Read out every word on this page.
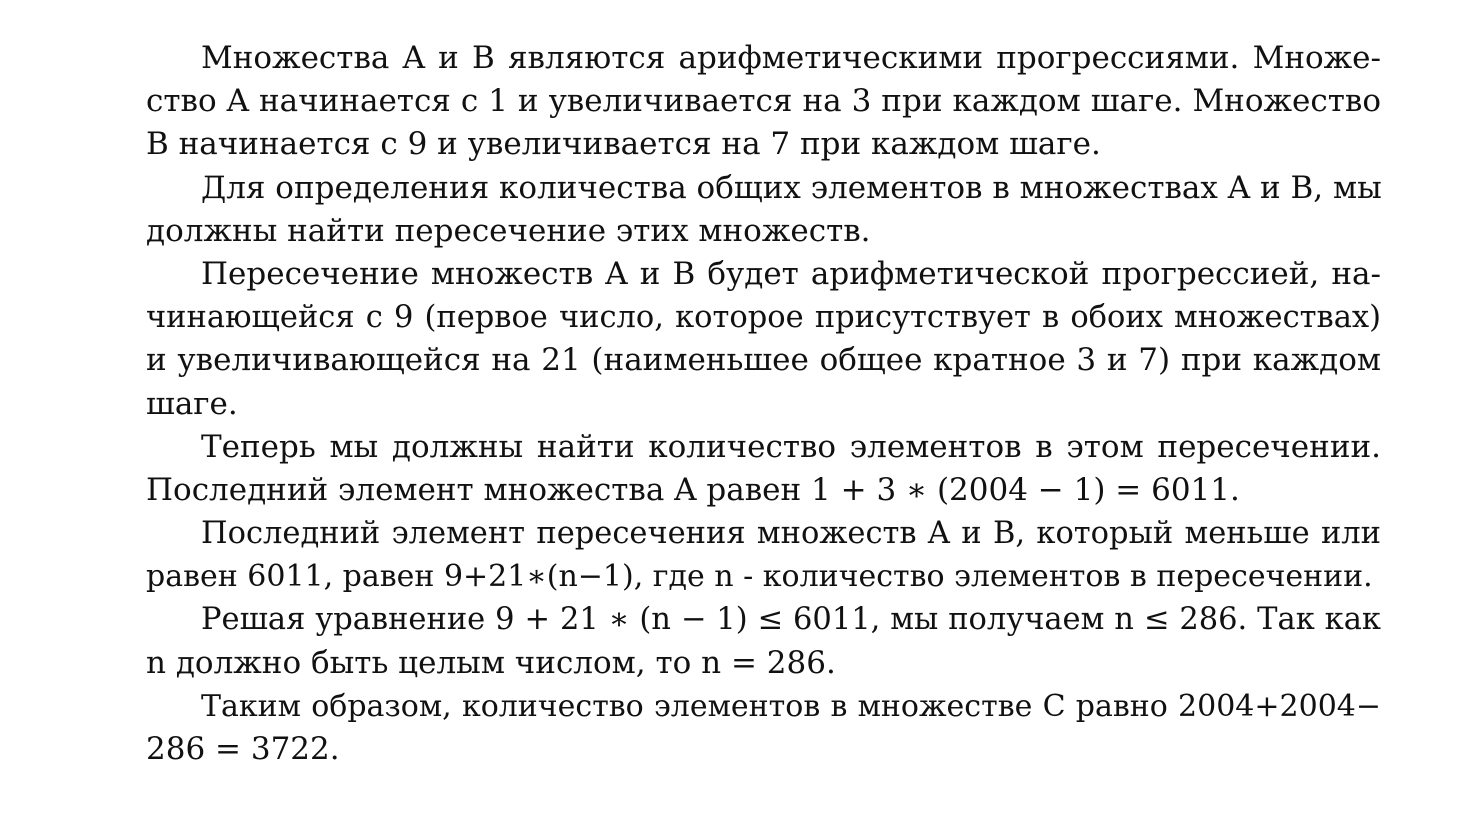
Множества A и B являются арифметическими прогрессиями. Множе-
ство A начинается с 1 и увеличивается на 3 при каждом шаге. Множество
B начинается с 9 и увеличивается на 7 при каждом шаге.
Для определения количества общих элементов в множествах A и B, мы
должны найти пересечение этих множеств.
Пересечение множеств A и B будет арифметической прогрессией, на-
чинающейся с 9 (первое число, которое присутствует в обоих множествах)
и увеличивающейся на 21 (наименьшее общее кратное 3 и 7) при каждом
шаге.
Теперь мы должны найти количество элементов в этом пересечении.
Последний элемент множества A равен 1 + 3 ∗ (2004 − 1) = 6011.
Последний элемент пересечения множеств A и B, который меньше или
равен 6011, равен 9+21∗(n−1), где n - количество элементов в пересечении.
Решая уравнение 9 + 21 ∗ (n − 1) ≤ 6011, мы получаем n ≤ 286. Так как
n должно быть целым числом, то n = 286.
Таким образом, количество элементов в множестве C равно 2004+2004−
286 = 3722.
